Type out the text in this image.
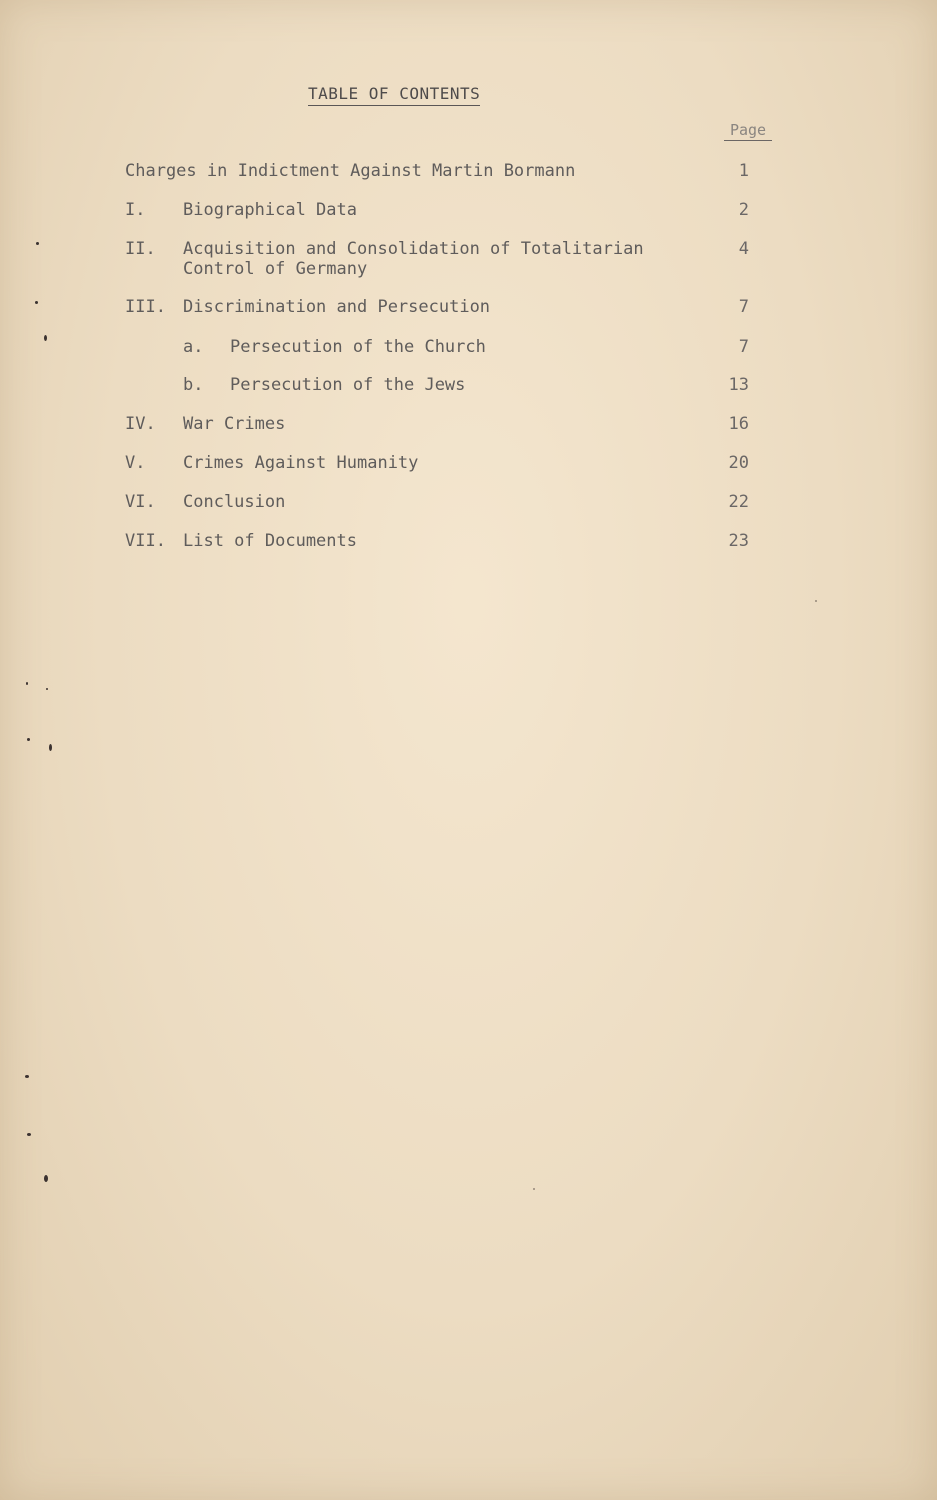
TABLE OF CONTENTS
Page
Charges in Indictment Against Martin Bormann	1
I. Biographical Data	2
II. Acquisition and Consolidation of Totalitarian	4
Control of Germany
III. Discrimination and Persecution	7
a. Persecution of the Church	7
b. Persecution of the Jews	13
IV. War Crimes	16
V. Crimes Against Humanity	20
VI. Conclusion	22
VII. List of Documents	23
